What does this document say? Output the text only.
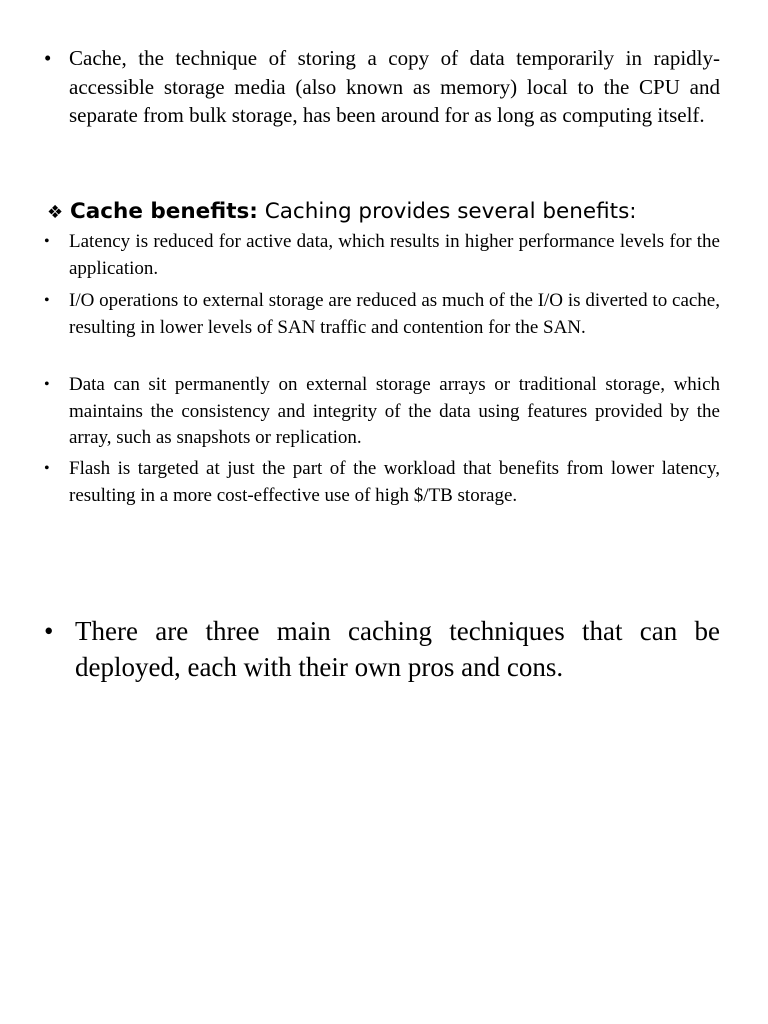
• Cache, the technique of storing a copy of data temporarily in rapidly-accessible storage media (also known as memory) local to the CPU and separate from bulk storage, has been around for as long as computing itself.
❖ Cache benefits: Caching provides several benefits:
•	Latency is reduced for active data, which results in higher performance levels for the application.
•	I/O operations to external storage are reduced as much of the I/O is diverted to cache, resulting in lower levels of SAN traffic and contention for the SAN.
•	Data can sit permanently on external storage arrays or traditional storage, which maintains the consistency and integrity of the data using features provided by the array, such as snapshots or replication.
•	Flash is targeted at just the part of the workload that benefits from lower latency, resulting in a more cost-effective use of high $/TB storage.
• There are three main caching techniques that can be deployed, each with their own pros and cons.
